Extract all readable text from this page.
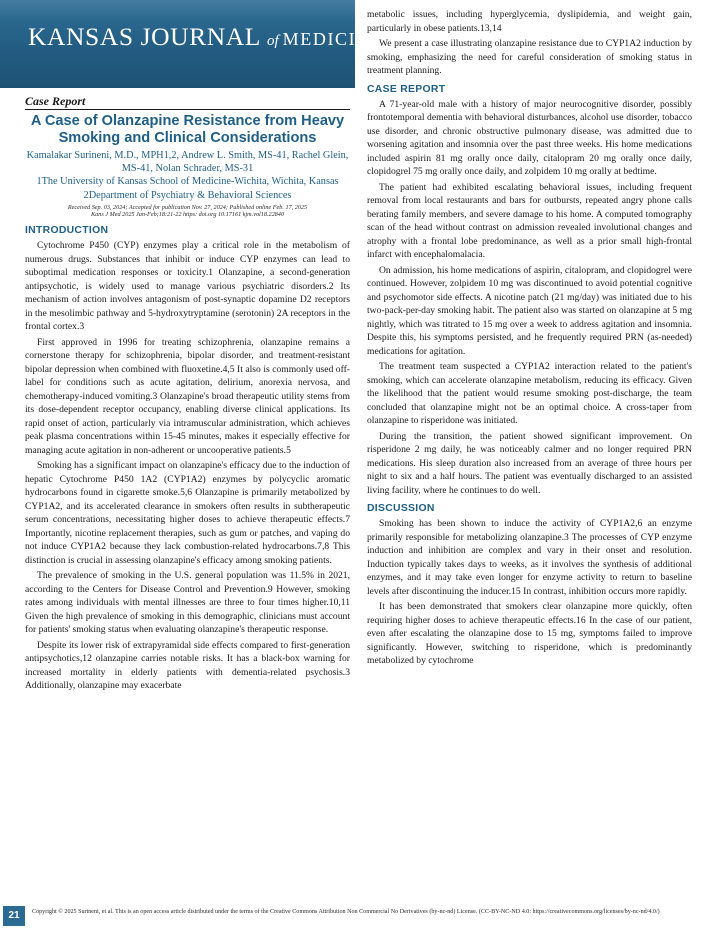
KANSAS JOURNAL of MEDICINE
Case Report
A Case of Olanzapine Resistance from Heavy Smoking and Clinical Considerations
Kamalakar Surineni, M.D., MPH1,2, Andrew L. Smith, MS-41, Rachel Glein, MS-41, Nolan Schrader, MS-31
1The University of Kansas School of Medicine-Wichita, Wichita, Kansas
2Department of Psychiatry & Behavioral Sciences
Received Sep. 03, 2024; Accepted for publication Nov. 27, 2024; Published online Feb. 17, 2025
Kans J Med 2025 Jan-Feb;18:21-22 https: doi.org 10.17161 kjm.vol18.22840
INTRODUCTION

Cytochrome P450 (CYP) enzymes play a critical role in the metabolism of numerous drugs. Substances that inhibit or induce CYP enzymes can lead to suboptimal medication responses or toxicity.1 Olanzapine, a second-generation antipsychotic, is widely used to manage various psychiatric disorders.2 Its mechanism of action involves antagonism of post-synaptic dopamine D2 receptors in the mesolimbic pathway and 5-hydroxytryptamine (serotonin) 2A receptors in the frontal cortex.3

First approved in 1996 for treating schizophrenia, olanzapine remains a cornerstone therapy for schizophrenia, bipolar disorder, and treatment-resistant bipolar depression when combined with fluoxetine.4,5 It also is commonly used off-label for conditions such as acute agitation, delirium, anorexia nervosa, and chemotherapy-induced vomiting.3 Olanzapine's broad therapeutic utility stems from its dose-dependent receptor occupancy, enabling diverse clinical applications. Its rapid onset of action, particularly via intramuscular administration, which achieves peak plasma concentrations within 15-45 minutes, makes it especially effective for managing acute agitation in non-adherent or uncooperative patients.5

Smoking has a significant impact on olanzapine's efficacy due to the induction of hepatic Cytochrome P450 1A2 (CYP1A2) enzymes by polycyclic aromatic hydrocarbons found in cigarette smoke.5,6 Olanzapine is primarily metabolized by CYP1A2, and its accelerated clearance in smokers often results in subtherapeutic serum concentrations, necessitating higher doses to achieve therapeutic effects.7 Importantly, nicotine replacement therapies, such as gum or patches, and vaping do not induce CYP1A2 because they lack combustion-related hydrocarbons.7,8 This distinction is crucial in assessing olanzapine's efficacy among smoking patients.

The prevalence of smoking in the U.S. general population was 11.5% in 2021, according to the Centers for Disease Control and Prevention.9 However, smoking rates among individuals with mental illnesses are three to four times higher.10,11 Given the high prevalence of smoking in this demographic, clinicians must account for patients' smoking status when evaluating olanzapine's therapeutic response.

Despite its lower risk of extrapyramidal side effects compared to first-generation antipsychotics,12 olanzapine carries notable risks. It has a black-box warning for increased mortality in elderly patients with dementia-related psychosis.3 Additionally, olanzapine may exacerbate

metabolic issues, including hyperglycemia, dyslipidemia, and weight gain, particularly in obese patients.13,14

We present a case illustrating olanzapine resistance due to CYP1A2 induction by smoking, emphasizing the need for careful consideration of smoking status in treatment planning.

CASE REPORT

A 71-year-old male with a history of major neurocognitive disorder, possibly frontotemporal dementia with behavioral disturbances, alcohol use disorder, tobacco use disorder, and chronic obstructive pulmonary disease, was admitted due to worsening agitation and insomnia over the past three weeks. His home medications included aspirin 81 mg orally once daily, citalopram 20 mg orally once daily, clopidogrel 75 mg orally once daily, and zolpidem 10 mg orally at bedtime.

The patient had exhibited escalating behavioral issues, including frequent removal from local restaurants and bars for outbursts, repeated angry phone calls berating family members, and severe damage to his home. A computed tomography scan of the head without contrast on admission revealed involutional changes and atrophy with a frontal lobe predominance, as well as a prior small high-frontal infarct with encephalomalacia.

On admission, his home medications of aspirin, citalopram, and clopidogrel were continued. However, zolpidem 10 mg was discontinued to avoid potential cognitive and psychomotor side effects. A nicotine patch (21 mg/day) was initiated due to his two-pack-per-day smoking habit. The patient also was started on olanzapine at 5 mg nightly, which was titrated to 15 mg over a week to address agitation and insomnia. Despite this, his symptoms persisted, and he frequently required PRN (as-needed) medications for agitation.

The treatment team suspected a CYP1A2 interaction related to the patient's smoking, which can accelerate olanzapine metabolism, reducing its efficacy. Given the likelihood that the patient would resume smoking post-discharge, the team concluded that olanzapine might not be an optimal choice. A cross-taper from olanzapine to risperidone was initiated.

During the transition, the patient showed significant improvement. On risperidone 2 mg daily, he was noticeably calmer and no longer required PRN medications. His sleep duration also increased from an average of three hours per night to six and a half hours. The patient was eventually discharged to an assisted living facility, where he continues to do well.

DISCUSSION

Smoking has been shown to induce the activity of CYP1A2,6 an enzyme primarily responsible for metabolizing olanzapine.3 The processes of CYP enzyme induction and inhibition are complex and vary in their onset and resolution. Induction typically takes days to weeks, as it involves the synthesis of additional enzymes, and it may take even longer for enzyme activity to return to baseline levels after discontinuing the inducer.15 In contrast, inhibition occurs more rapidly.

It has been demonstrated that smokers clear olanzapine more quickly, often requiring higher doses to achieve therapeutic effects.16 In the case of our patient, even after escalating the olanzapine dose to 15 mg, symptoms failed to improve significantly. However, switching to risperidone, which is predominantly metabolized by cytochrome

21	Copyright © 2025 Surineni, et al. This is an open access article distributed under the terms of the Creative Commons Attribution Non Commercial No Derivatives (by-nc-nd) License. (CC-BY-NC-ND 4.0: https://creativecommons.org/licenses/by-nc-nd/4.0/)
